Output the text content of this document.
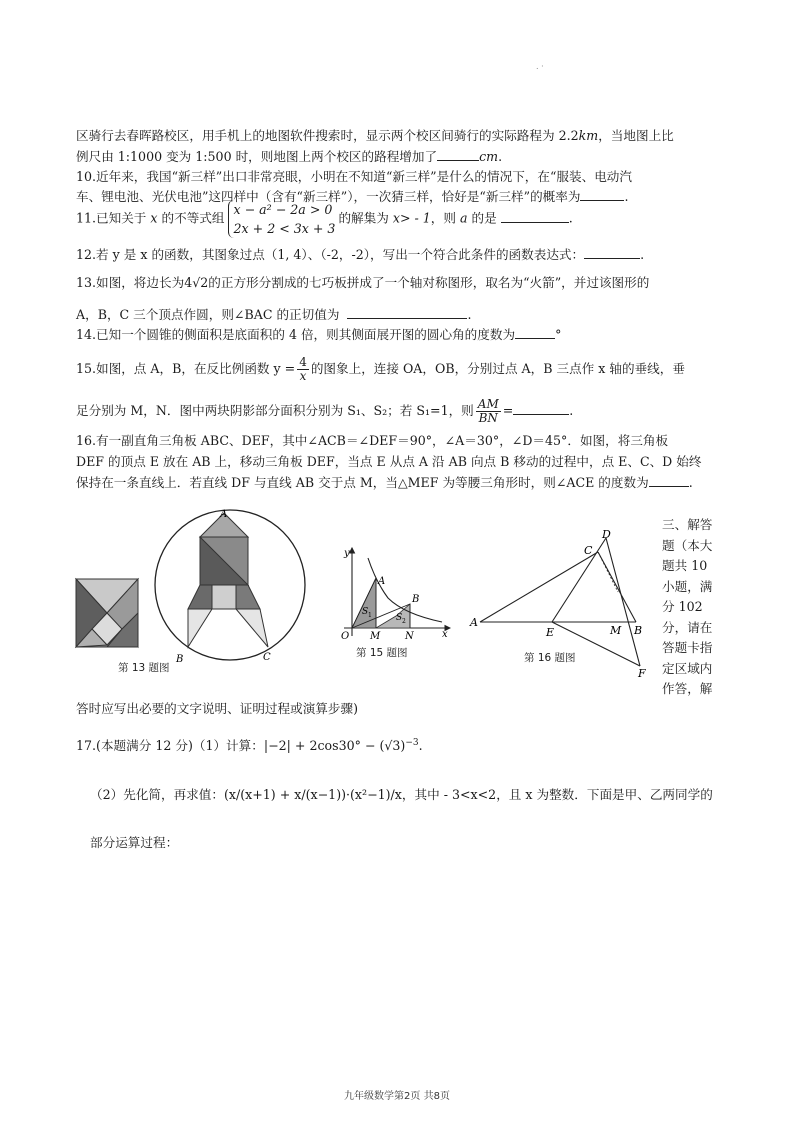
. ·
区骑行去春晖路校区，用手机上的地图软件搜索时，显示两个校区间骑行的实际路程为 2.2km，当地图上比
例尺由 1:1000 变为 1:500 时，则地图上两个校区的路程增加了	cm.
10.近年来，我国“新三样”出口非常亮眼，小明在不知道“新三样”是什么的情况下，在“服装、电动汽
车、锂电池、光伏电池”这四样中（含有“新三样”），一次猜三样，恰好是“新三样”的概率为	.
11.已知关于 x 的不等式组
x − a² − 2a > 0
2x + 2 < 3x + 3
的解集为 x> - 1，则 a 的是	.
12.若 y 是 x 的函数，其图象过点（1, 4）、（-2，-2），写出一个符合此条件的函数表达式：	.
13.如图，将边长为4√2的正方形分割成的七巧板拼成了一个轴对称图形，取名为“火箭”，并过该图形的
A，B，C 三个顶点作圆，则∠BAC 的正切值为	.
14.已知一个圆锥的侧面积是底面积的 4 倍，则其侧面展开图的圆心角的度数为	°
15.如图，点 A，B，在反比例函数 $y = \frac{4}{x}$ 的图象上，连接 OA，OB，分别过点 A，B 三点作 x 轴的垂线，垂
足分别为 M，N．图中两块阴影部分面积分别为 S₁、S₂；若 S₁=1，则 $\frac{AM}{BN}$ =	.
16.有一副直角三角板 ABC、DEF，其中∠ACB＝∠DEF＝90°，∠A＝30°，∠D＝45°．如图，将三角板
DEF 的顶点 E 放在 AB 上，移动三角板 DEF，当点 E 从点 A 沿 AB 向点 B 移动的过程中，点 E、C、D 始终
保持在一条直线上．若直线 DF 与直线 AB 交于点 M，当△MEF 为等腰三角形时，则∠ACE 的度数为	.
A
B	C
第 13 题图
y
x
O
A
B
M N
S 1	S 2
第 15 题图
A
B
C
D
E
F
M
第 16 题图
三、解答
题（本大
题共 10
小题，满
分 102
分，请在
答题卡指
定区域内
作答，解
答时应写出必要的文字说明、证明过程或演算步骤)
17.(本题满分 12 分)（1）计算：$|-2| + 2\cos 30^\circ - (√3)^{-3}$.
（2）先化简，再求值：(x/(x+1) + x/(x−1))·(x²−1)/x，其中 - 3<x<2，且 x 为整数．下面是甲、乙两同学的
部分运算过程：
九年级数学第2页 共8页
